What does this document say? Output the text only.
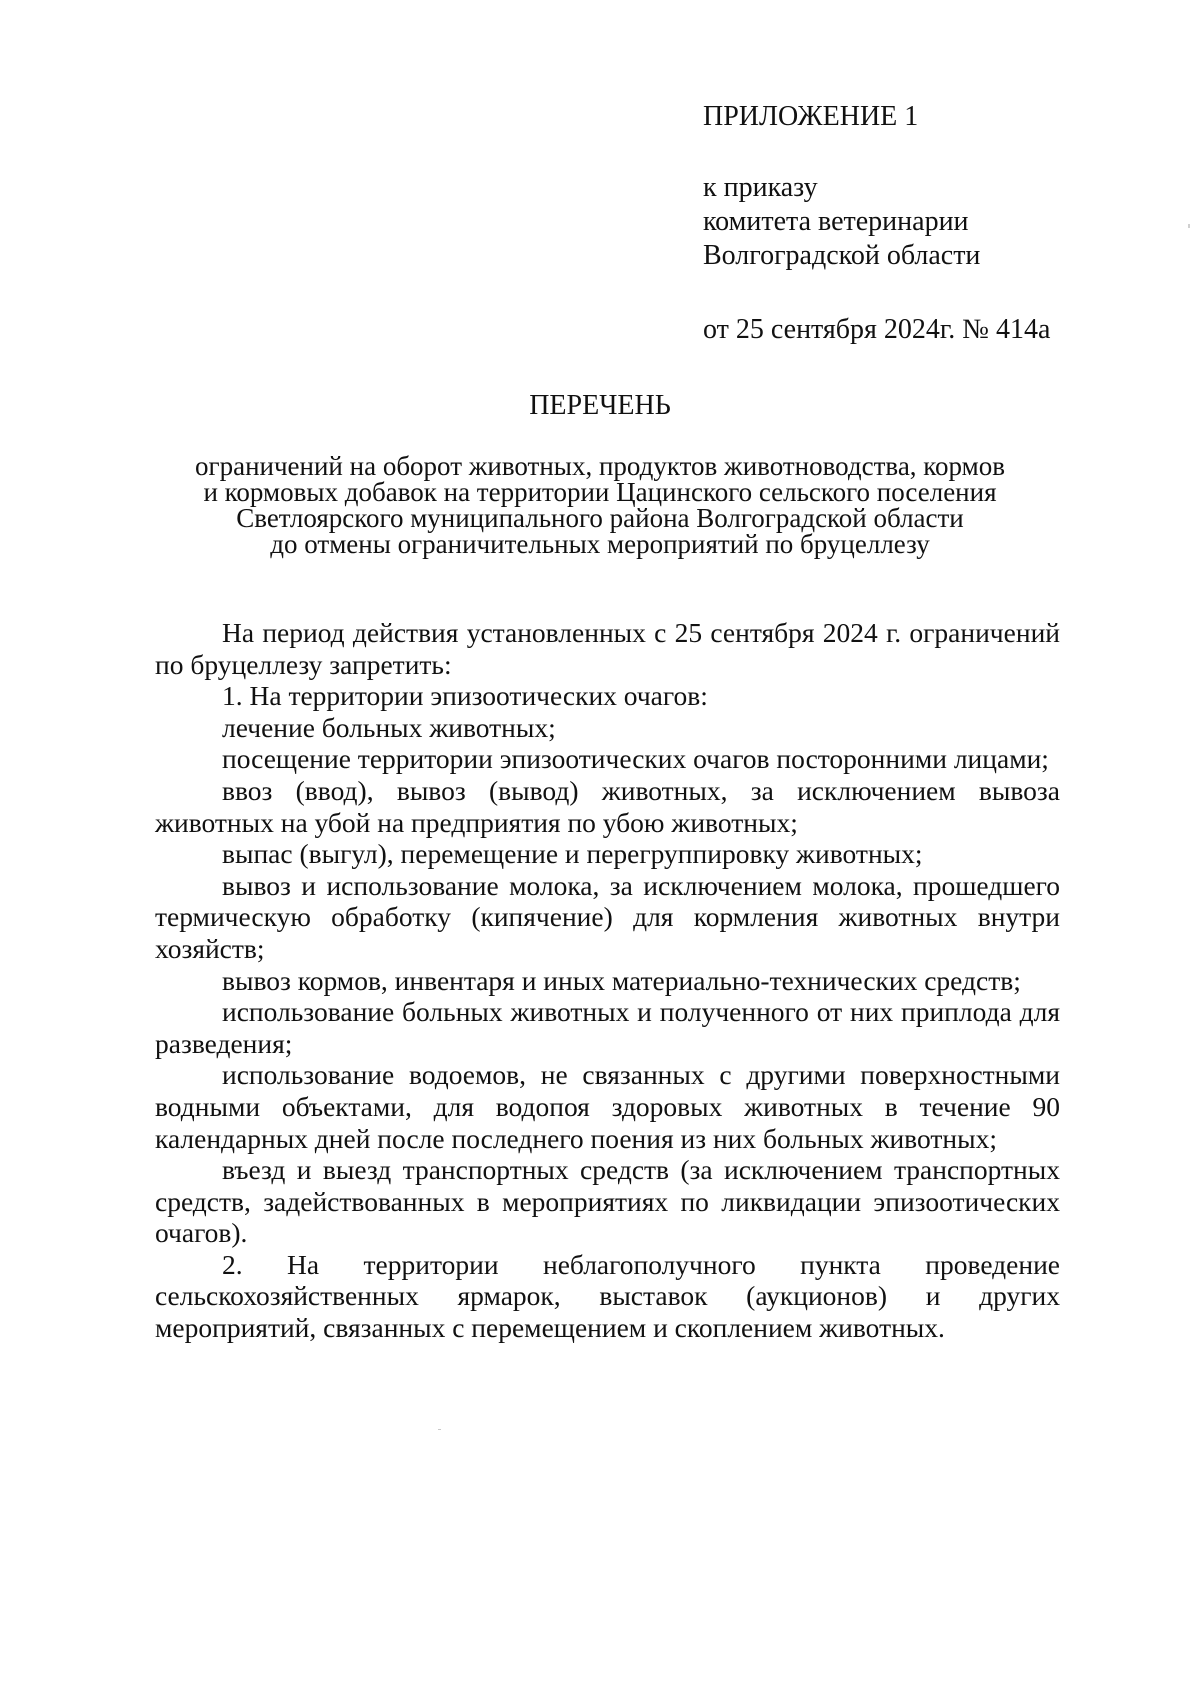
ПРИЛОЖЕНИЕ 1
к приказу
комитета ветеринарии
Волгоградской области
от 25 сентября 2024г. № 414а
ПЕРЕЧЕНЬ
ограничений на оборот животных, продуктов животноводства, кормов
и кормовых добавок на территории Цацинского сельского поселения
Светлоярского муниципального района Волгоградской области
до отмены ограничительных мероприятий по бруцеллезу

На период действия установленных с 25 сентября 2024 г. ограничений по бруцеллезу запретить:

1. На территории эпизоотических очагов:

лечение больных животных;

посещение территории эпизоотических очагов посторонними лицами;

ввоз (ввод), вывоз (вывод) животных, за исключением вывоза животных на убой на предприятия по убою животных;

выпас (выгул), перемещение и перегруппировку животных;

вывоз и использование молока, за исключением молока, прошедшего термическую обработку (кипячение) для кормления животных внутри хозяйств;

вывоз кормов, инвентаря и иных материально-технических средств;

использование больных животных и полученного от них приплода для разведения;

использование водоемов, не связанных с другими поверхностными водными объектами, для водопоя здоровых животных в течение 90 календарных дней после последнего поения из них больных животных;

въезд и выезд транспортных средств (за исключением транспортных средств, задействованных в мероприятиях по ликвидации эпизоотических очагов).

2. На территории неблагополучного пункта проведение сельскохозяйственных ярмарок, выставок (аукционов) и других мероприятий, связанных с перемещением и скоплением животных.
